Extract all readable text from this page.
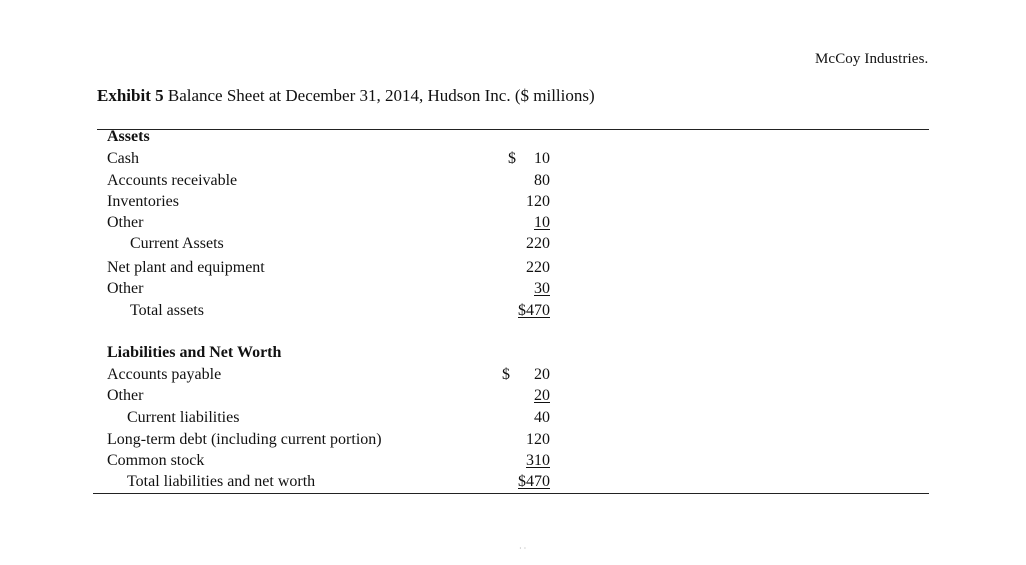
McCoy Industries.
Exhibit 5 Balance Sheet at December 31, 2014, Hudson Inc. ($ millions)
Assets
Cash	$ 10
Accounts receivable	80
Inventories	120
Other	10
Current Assets	220
Net plant and equipment	220
Other	30
Total assets	$470
Liabilities and Net Worth
Accounts payable	$ 20
Other	20
Current liabilities	40
Long-term debt (including current portion)	120
Common stock	310
Total liabilities and net worth	$470
· ·
